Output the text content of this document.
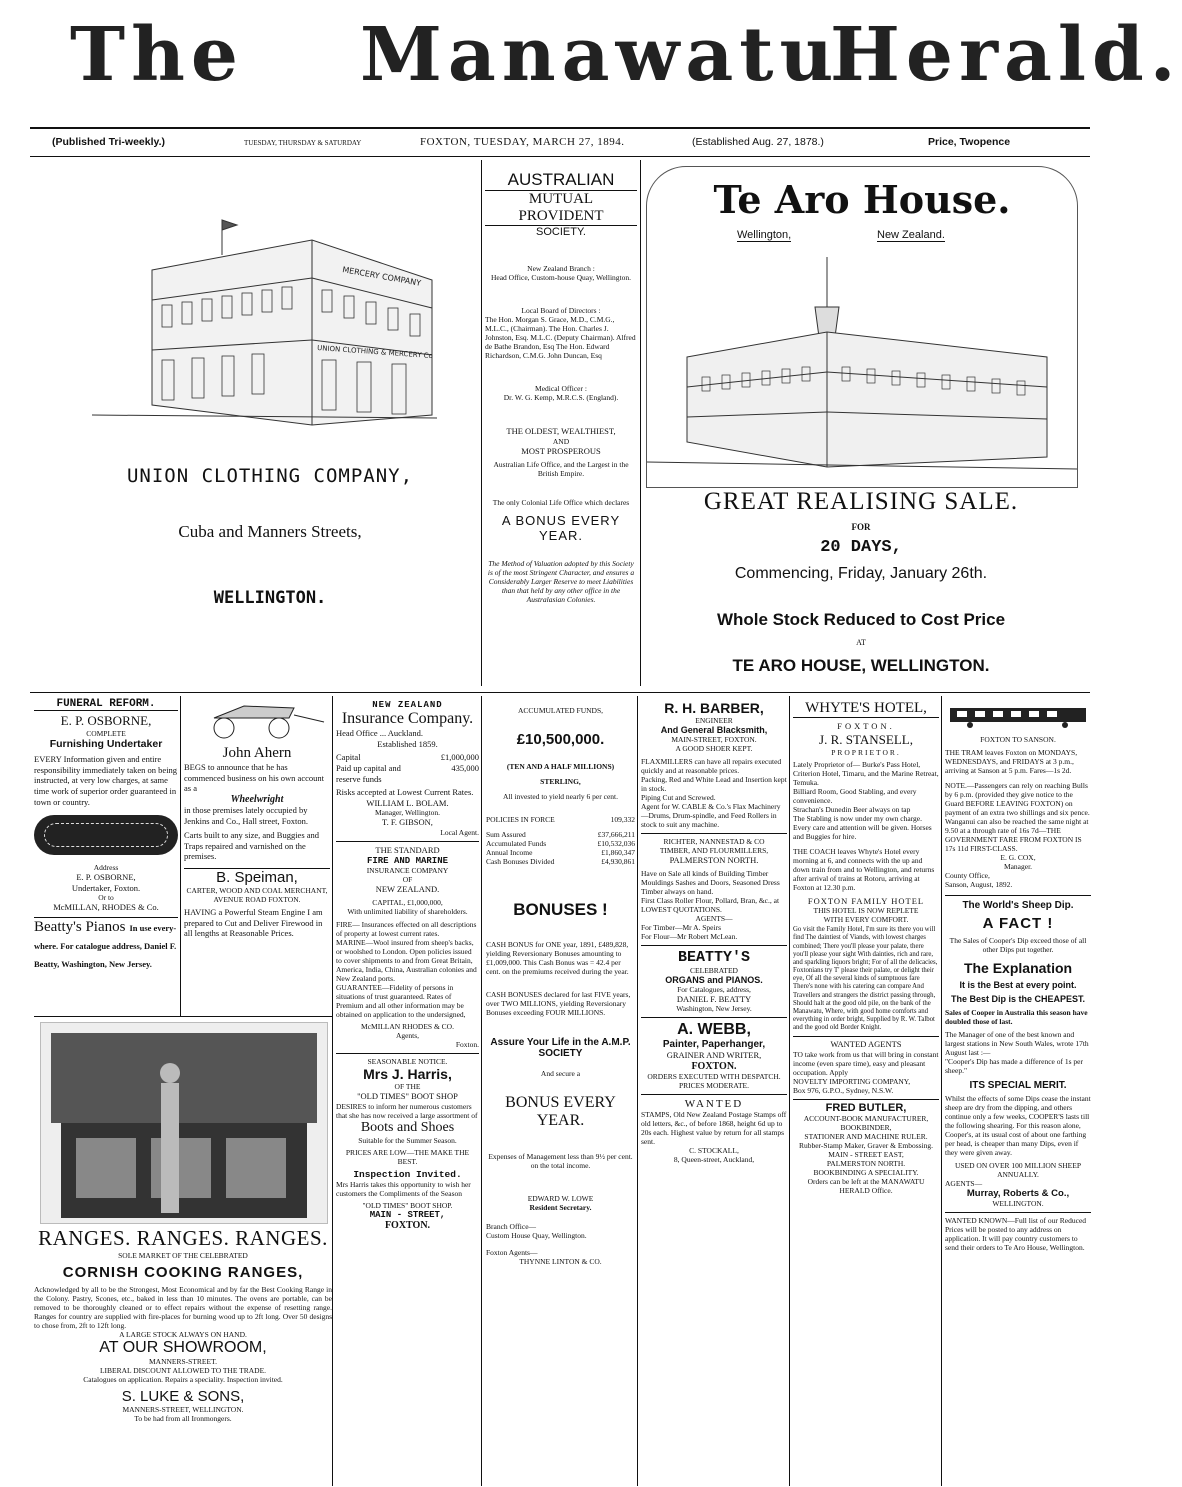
The Manawatu
Herald.
(Published Tri-weekly.)	TUESDAY, THURSDAY & SATURDAY	FOXTON, TUESDAY, MARCH 27, 1894.	(Established Aug. 27, 1878.)	Price, Twopence
MERCERY COMPANY
UNION CLOTHING & MERCERY Co
UNION CLOTHING COMPANY,
Cuba and Manners Streets,
WELLINGTON.
AUSTRALIAN
MUTUAL PROVIDENT
SOCIETY.
New Zealand Branch :
Head Office, Custom-house Quay, Wellington.
Local Board of Directors :
The Hon. Morgan S. Grace, M.D., C.M.G., M.L.C., (Chairman). The Hon. Charles J. Johnston, Esq. M.L.C. (Deputy Chairman). Alfred de Bathe Brandon, Esq The Hon. Edward Richardson, C.M.G. John Duncan, Esq
Medical Officer :
Dr. W. G. Kemp, M.R.C.S. (England).
THE OLDEST, WEALTHIEST,
AND
MOST PROSPEROUS
Australian Life Office, and the Largest in the British Empire.
The only Colonial Life Office which declares
A BONUS EVERY YEAR.
The Method of Valuation adopted by this Society is of the most Stringent Character, and ensures a Considerably Larger Reserve to meet Liabilities than that held by any other office in the Australasian Colonies.
Te Aro House.
Wellington,	New Zealand.
GREAT REALISING SALE.
FOR
20 DAYS,
Commencing, Friday, January 26th.
Whole Stock Reduced to Cost Price
AT
TE ARO HOUSE, WELLINGTON.
FUNERAL REFORM.
E. P. OSBORNE,
COMPLETE
Furnishing Undertaker
EVERY Information given and entire responsibility immediately taken on being instructed, at very low charges, at same time work of superior order guaranteed in town or country.
Address
E. P. OSBORNE,
Undertaker, Foxton.
Or to
McMILLAN, RHODES & Co.
Beatty's Pianos In use every-where. For catalogue address, Daniel F. Beatty, Washington, New Jersey.
John Ahern
BEGS to announce that he has commenced business on his own account as a
Wheelwright
in those premises lately occupied by Jenkins and Co., Hall street, Foxton.
Carts built to any size, and Buggies and Traps repaired and varnished on the premises.
B. Speiman,
CARTER, WOOD AND COAL MERCHANT,
AVENUE ROAD FOXTON.
HAVING a Powerful Steam Engine I am prepared to Cut and Deliver Firewood in all lengths at Reasonable Prices.
RANGES. RANGES. RANGES.
SOLE MARKET OF THE CELEBRATED
CORNISH COOKING RANGES,
Acknowledged by all to be the Strongest, Most Economical and by far the Best Cooking Range in the Colony. Pastry, Scones, etc., baked in less than 10 minutes. The ovens are portable, can be removed to be thoroughly cleaned or to effect repairs without the expense of resetting range. Ranges for country are supplied with fire-places for burning wood up to 2ft long. Over 50 designs to chose from, 2ft to 12ft long.
A LARGE STOCK ALWAYS ON HAND.
AT OUR SHOWROOM,
MANNERS-STREET.
LIBERAL DISCOUNT ALLOWED TO THE TRADE.
Catalogues on application. Repairs a speciality. Inspection invited.
S. LUKE & SONS,
MANNERS-STREET, WELLINGTON.
To be had from all Ironmongers.
NEW ZEALAND
Insurance Company.
Head Office ... Auckland.
Established 1859.
Capital	£1,000,000
Paid up capital and reserve funds
435,000
Risks accepted at Lowest Current Rates.
WILLIAM L. BOLAM.
Manager, Wellington.
T. F. GIBSON,
Local Agent.
THE STANDARD
FIRE AND MARINE
INSURANCE COMPANY
OF
NEW ZEALAND.
CAPITAL, £1,000,000,
With unlimited liability of shareholders.
FIRE— Insurances effected on all descriptions of property at lowest current rates.
MARINE—Wool insured from sheep's backs, or woolshed to London. Open policies issued to cover shipments to and from Great Britain, America, India, China, Australian colonies and New Zealand ports.
GUARANTEE—Fidelity of persons in situations of trust guaranteed. Rates of Premium and all other information may be obtained on application to the undersigned,
McMILLAN RHODES & CO.
Agents,
Foxton.
SEASONABLE NOTICE.
Mrs J. Harris,
OF THE
"OLD TIMES" BOOT SHOP
DESIRES to inform her numerous customers that she has now received a large assortment of
Boots and Shoes
Suitable for the Summer Season.
PRICES ARE LOW—THE MAKE THE BEST.
Inspection Invited.
Mrs Harris takes this opportunity to wish her customers the Compliments of the Season
"OLD TIMES" BOOT SHOP.
MAIN - STREET,
FOXTON.
ACCUMULATED FUNDS,
£10,500,000.
(TEN AND A HALF MILLIONS)
STERLING,
All invested to yield nearly 6 per cent.
POLICIES IN FORCE	109,332
Sum Assured	£37,666,211
Accumulated Funds	£10,532,036
Annual Income	£1,860,347
Cash Bonuses Divided	£4,930,861
BONUSES !
CASH BONUS for ONE year, 1891, £489,828, yielding Reversionary Bonuses amounting to £1,009,000. This Cash Bonus was = 42.4 per cent. on the premiums received during the year.
CASH BONUSES declared for last FIVE years, over TWO MILLIONS, yielding Reversionary Bonuses exceeding FOUR MILLIONS.
Assure Your Life in the A.M.P. SOCIETY
And secure a
BONUS EVERY YEAR.
Expenses of Management less than 9½ per cent. on the total income.
EDWARD W. LOWE
Resident Secretary.
Branch Office—
Custom House Quay, Wellington.
Foxton Agents—
THYNNE LINTON & CO.
R. H. BARBER,
ENGINEER
And General Blacksmith,
MAIN-STREET, FOXTON.
A GOOD SHOER KEPT.
FLAXMILLERS can have all repairs executed quickly and at reasonable prices.
Packing, Red and White Lead and Insertion kept in stock.
Piping Cut and Screwed.
Agent for W. CABLE & Co.'s Flax Machinery—Drums, Drum-spindle, and Feed Rollers in stock to suit any machine.
RICHTER, NANNESTAD & CO
TIMBER, AND FLOURMILLERS,
PALMERSTON NORTH.
Have on Sale all kinds of Building Timber Mouldings Sashes and Doors, Seasoned Dress Timber always on hand.
First Class Roller Flour, Pollard, Bran, &c., at LOWEST QUOTATIONS.
AGENTS—
For Timber—Mr A. Speirs
For Flour—Mr Robert McLean.
BEATTY'S
CELEBRATED
ORGANS and PIANOS.
For Catalogues, address,
DANIEL F. BEATTY
Washington, New Jersey.
A. WEBB,
Painter, Paperhanger,
GRAINER AND WRITER,
FOXTON.
ORDERS EXECUTED WITH DESPATCH.
PRICES MODERATE.
WANTED
STAMPS, Old New Zealand Postage Stamps off old letters, &c., of before 1868, height 6d up to 20s each. Highest value by return for all stamps sent.
C. STOCKALL,
8, Queen-street, Auckland,
WHYTE'S HOTEL,
FOXTON.
J. R. STANSELL,
PROPRIETOR.
Lately Proprietor of— Burke's Pass Hotel, Criterion Hotel, Timaru, and the Marine Retreat, Temuka.
Billiard Room, Good Stabling, and every convenience.
Strachan's Dunedin Beer always on tap
The Stabling is now under my own charge. Every care and attention will be given. Horses and Buggies for hire.
THE COACH leaves Whyte's Hotel every morning at 6, and connects with the up and down train from and to Wellington, and returns after arrival of trains at Rotoru, arriving at Foxton at 12.30 p.m.
FOXTON FAMILY HOTEL
THIS HOTEL IS NOW REPLETE
WITH EVERY COMFORT.
Go visit the Family Hotel, I'm sure its there you will find The daintiest of Viands, with lowest charges combined; There you'll please your palate, there you'll please your sight With dainties, rich and rare, and sparkling liquors bright; For of all the delicacies, Foxtonians try T' please their palate, or delight their eye, Of all the several kinds of sumptuous fare There's none with his catering can compare And Travellers and strangers the district passing through, Should halt at the good old pile, on the bank of the Manawatu, Where, with good home comforts and everything in order bright, Supplied by R. W. Talbot and the good old Border Knight.
WANTED AGENTS
TO take work from us that will bring in constant income (even spare time), easy and pleasant occupation. Apply
NOVELTY IMPORTING COMPANY,
Box 976, G.P.O., Sydney, N.S.W.
FRED BUTLER,
ACCOUNT-BOOK MANUFACTURER,
BOOKBINDER,
STATIONER AND MACHINE RULER.
Rubber-Stamp Maker, Graver & Embossing.
MAIN - STREET EAST,
PALMERSTON NORTH.
BOOKBINDING A SPECIALITY.
Orders can be left at the MANAWATU HERALD Office.
FOXTON TO SANSON.
THE TRAM leaves Foxton on MONDAYS, WEDNESDAYS, and FRIDAYS at 3 p.m., arriving at Sanson at 5 p.m. Fares—1s 2d.
NOTE.—Passengers can rely on reaching Bulls by 6 p.m. (provided they give notice to the Guard BEFORE LEAVING FOXTON) on payment of an extra two shillings and six pence.
Wanganui can also be reached the same night at 9.50 at a through rate of 16s 7d—THE GOVERNMENT FARE FROM FOXTON IS 17s 11d FIRST-CLASS.
E. G. COX,
Manager.
County Office,
Sanson, August, 1892.
The World's Sheep Dip.
A FACT !
The Sales of Cooper's Dip exceed those of all other Dips put together.
The Explanation
It is the Best at every point.
The Best Dip is the CHEAPEST.
Sales of Cooper in Australia this season have doubled those of last.
The Manager of one of the best known and largest stations in New South Wales, wrote 17th August last :—
"Cooper's Dip has made a difference of 1s per sheep."
ITS SPECIAL MERIT.
Whilst the effects of some Dips cease the instant sheep are dry from the dipping, and others continue only a few weeks, COOPER'S lasts till the following shearing. For this reason alone, Cooper's, at its usual cost of about one farthing per head, is cheaper than many Dips, even if they were given away.
USED ON OVER 100 MILLION SHEEP ANNUALLY.
AGENTS—
Murray, Roberts & Co.,
WELLINGTON.
WANTED KNOWN—Full list of our Reduced Prices will be posted to any address on application. It will pay country customers to send their orders to Te Aro House, Wellington.
